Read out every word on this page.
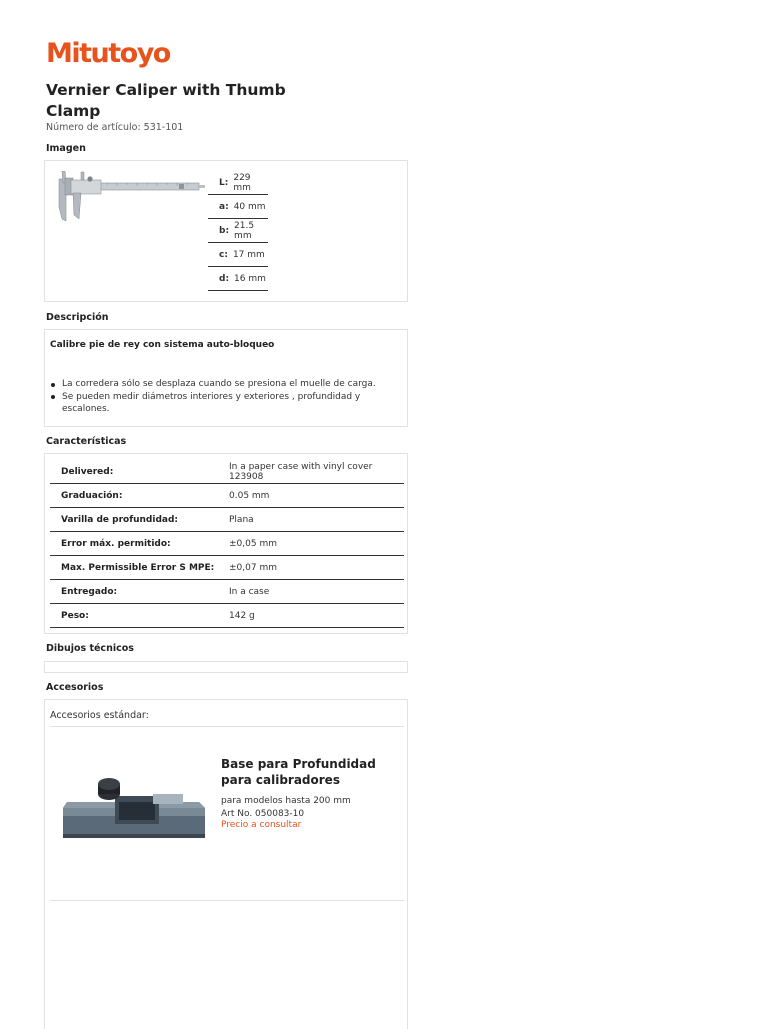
Mitutoyo
Vernier Caliper with Thumb Clamp
Número de artículo: 531-101
Imagen
L: 229 mm
a: 40 mm
b: 21.5 mm
c: 17 mm
d: 16 mm
Descripción
Calibre pie de rey con sistema auto-bloqueo
La corredera sólo se desplaza cuando se presiona el muelle de carga.
Se pueden medir diámetros interiores y exteriores , profundidad y escalones.
Características
Delivered:	In a paper case with vinyl cover 123908
Graduación:	0.05 mm
Varilla de profundidad:	Plana
Error máx. permitido:	±0,05 mm
Max. Permissible Error S MPE:	±0,07 mm
Entregado:	In a case
Peso:	142 g
Dibujos técnicos
Accesorios
Accesorios estándar:
Base para Profundidad para calibradores
para modelos hasta 200 mm
Art No. 050083-10
Precio a consultar
